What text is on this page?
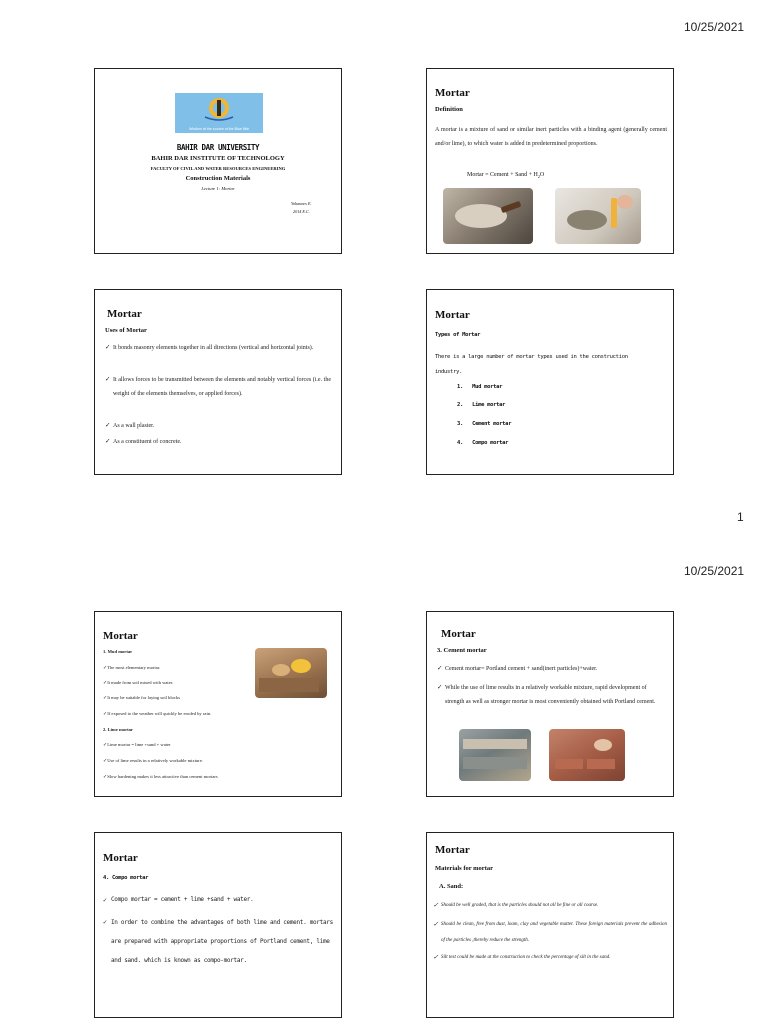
10/25/2021
Wisdom at the source of the Blue Nile
BAHIR DAR UNIVERSITY
BAHIR DAR INSTITUTE OF TECHNOLOGY
FACULTY OF CIVIL AND WATER RESOURCES ENGINEERING
Construction Materials
Lecture 1: Mortar
Yohannes E.
2014 E.C.
Mortar
Definition
A mortar is a mixture of sand or similar inert particles with a binding agent (generally cement and/or lime), to which water is added in predetermined proportions.
Mortar = Cement + Sand + $H_2O$
Mortar
Uses of Mortar
✓ It bonds masonry elements together in all directions (vertical and horizontal joints).
✓ It allows forces to be transmitted between the elements and notably vertical forces (i.e. the weight of the elements themselves, or applied forces).
✓ As a wall plaster.
✓ As a constituent of concrete.
Mortar
Types of Mortar
There is a large number of mortar types used in the construction industry.
1.   Mud mortar
2.   Lime mortar
3.   Cement mortar
4.   Compo mortar
1
10/25/2021
Mortar
1. Mud mortar
✓ The most elementary mortar.
✓ It made from soil mixed with water.
✓ It may be suitable for laying soil blocks
✓ If exposed to the weather will quickly be eroded by rain.
2. Lime mortar
✓ Lime mortar = lime +sand + water
✓ Use of lime results in a relatively workable mixture.
✓ Slow hardening makes it less attractive than cement mortars
Mortar
3. Cement mortar
✓ Cement mortar= Portland cement + sand(inert particles)+water.
✓ While the use of lime results in a relatively workable mixture, rapid development of strength as well as stronger mortar is most conveniently obtained with Portland cement.
Mortar
4. Compo mortar
✓ Compo mortar = cement + lime +sand + water.
✓ In order to combine the advantages of both lime and cement. mortars are prepared with appropriate proportions of Portland cement, lime and sand. which is known as compo-mortar.
Mortar
Materials for mortar
A. Sand:
✓ Should be well graded, that is the particles should not all be fine or all coarse.
✓ Should be clean, free from dust, loam, clay and vegetable matter. These foreign materials prevent the adhesion of the particles ,thereby reduce the strength.
✓ Silt test could be made at the construction to check the percentage of silt in the sand.
